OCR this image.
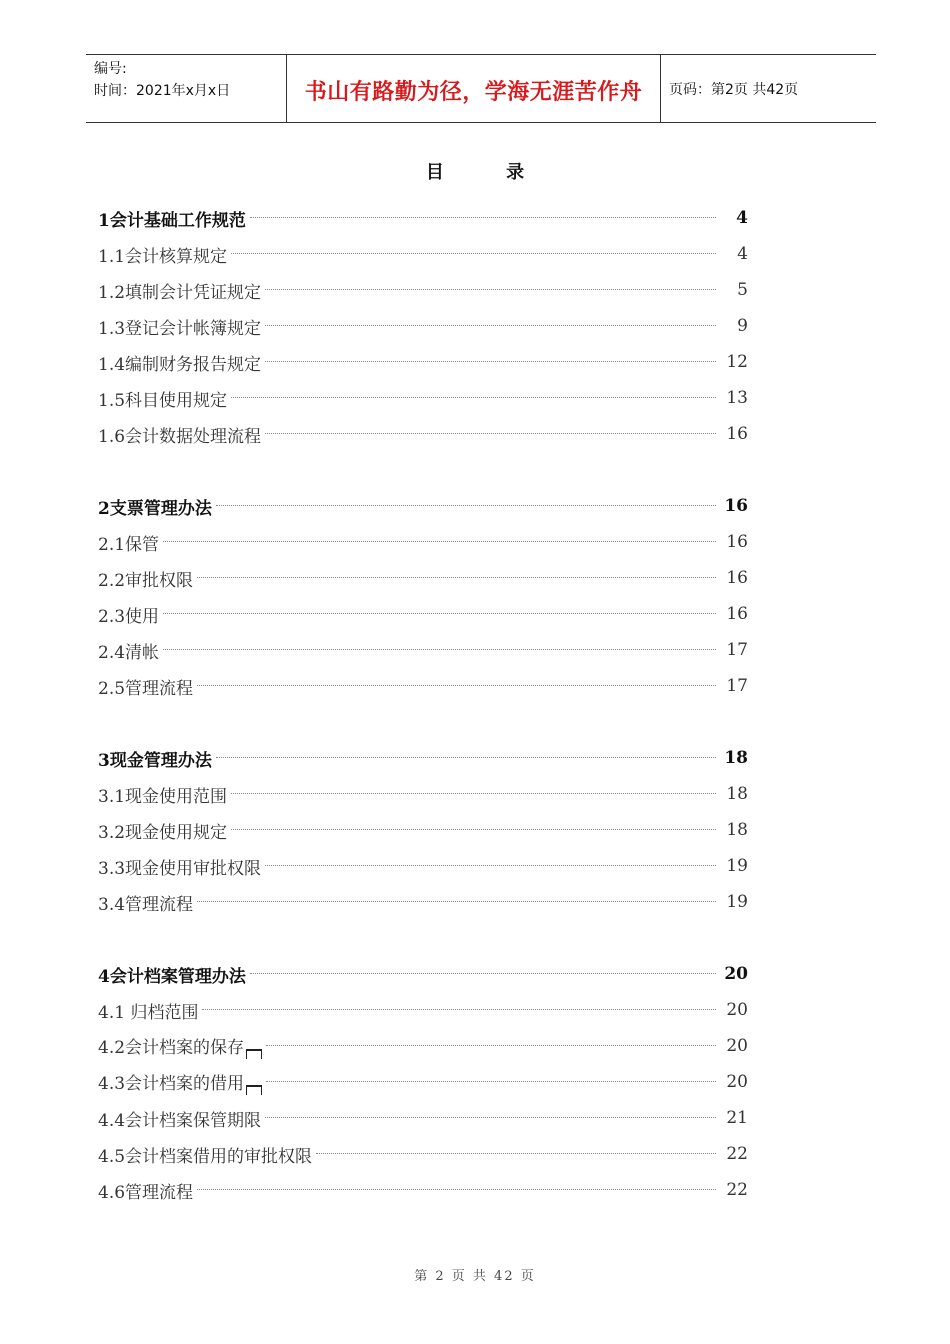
编号:
时间：2021年x月x日	书山有路勤为径，学海无涯苦作舟 页码：第2页 共42页
目 录
1会计基础工作规范	4
1.1会计核算规定	4
1.2填制会计凭证规定	5
1.3登记会计帐簿规定	9
1.4编制财务报告规定	12
1.5科目使用规定	13
1.6会计数据处理流程	16
2支票管理办法	16
2.1保管	16
2.2审批权限	16
2.3使用	16
2.4清帐	17
2.5管理流程	17
3现金管理办法	18
3.1现金使用范围	18
3.2现金使用规定	18
3.3现金使用审批权限	19
3.4管理流程	19
4会计档案管理办法	20
4.1 归档范围	20
4.2会计档案的保存	20
4.3会计档案的借用	20
4.4会计档案保管期限	21
4.5会计档案借用的审批权限	22
4.6管理流程	22
第 2 页 共 42 页
